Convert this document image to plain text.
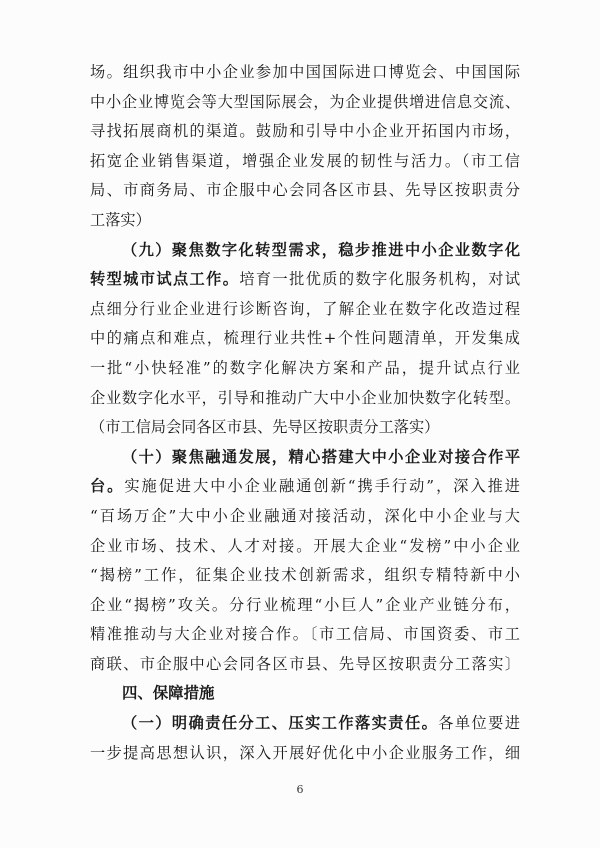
场。组织我市中小企业参加中国国际进口博览会、中国国际
中小企业博览会等大型国际展会，为企业提供增进信息交流、
寻找拓展商机的渠道。鼓励和引导中小企业开拓国内市场，
拓宽企业销售渠道，增强企业发展的韧性与活力。（市工信
局、市商务局、市企服中心会同各区市县、先导区按职责分
工落实）
（九）聚焦数字化转型需求，稳步推进中小企业数字化
转型城市试点工作。培育一批优质的数字化服务机构，对试
点细分行业企业进行诊断咨询，了解企业在数字化改造过程
中的痛点和难点，梳理行业共性+个性问题清单，开发集成
一批“小快轻准”的数字化解决方案和产品，提升试点行业
企业数字化水平，引导和推动广大中小企业加快数字化转型。
（市工信局会同各区市县、先导区按职责分工落实）
（十）聚焦融通发展，精心搭建大中小企业对接合作平
台。实施促进大中小企业融通创新“携手行动”，深入推进
“百场万企”大中小企业融通对接活动，深化中小企业与大
企业市场、技术、人才对接。开展大企业“发榜”中小企业
“揭榜”工作，征集企业技术创新需求，组织专精特新中小
企业“揭榜”攻关。分行业梳理“小巨人”企业产业链分布，
精准推动与大企业对接合作。〔市工信局、市国资委、市工
商联、市企服中心会同各区市县、先导区按职责分工落实〕
四、保障措施
（一）明确责任分工、压实工作落实责任。各单位要进
一步提高思想认识，深入开展好优化中小企业服务工作，细
6
